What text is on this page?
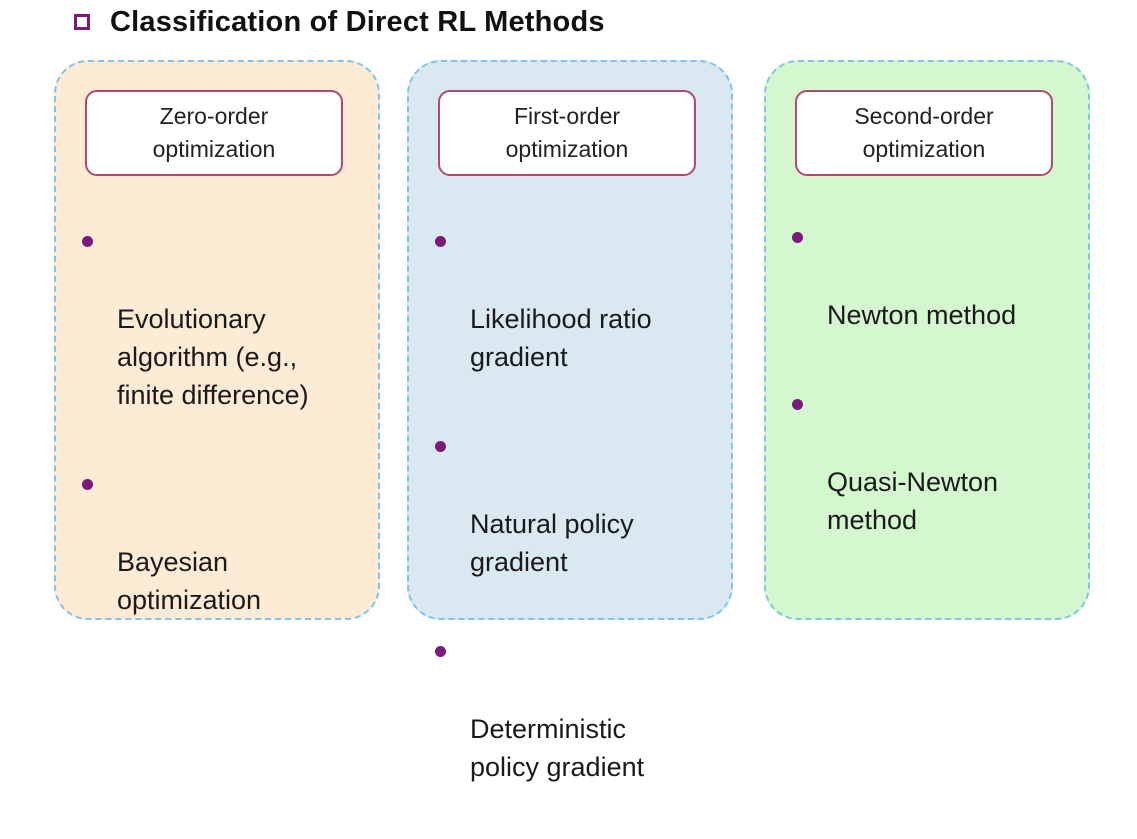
Classification of Direct RL Methods
Zero-order
optimization

Evolutionary
algorithm (e.g.,
finite difference)

Bayesian
optimization

First-order
optimization

Likelihood ratio
gradient

Natural policy
gradient

Deterministic
policy gradient

Second-order
optimization

Newton method

Quasi-Newton
method
